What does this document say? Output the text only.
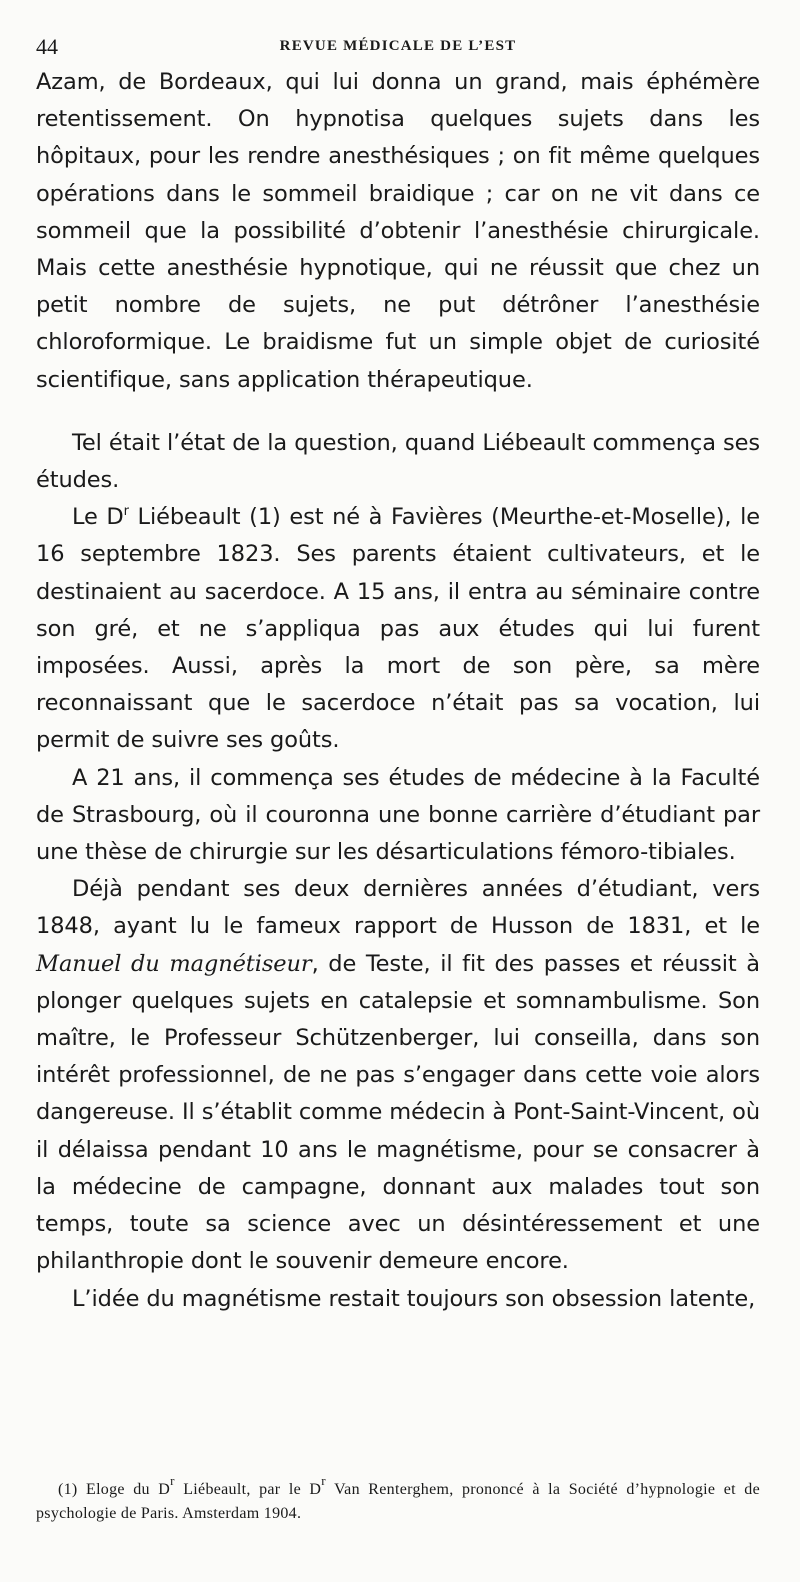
44	REVUE MÉDICALE DE L’EST

Azam, de Bordeaux, qui lui donna un grand, mais éphémère retentissement. On hypnotisa quelques sujets dans les hôpitaux, pour les rendre anesthésiques ; on fit même quelques opérations dans le sommeil braidique ; car on ne vit dans ce sommeil que la possibilité d’obtenir l’anesthésie chirurgicale. Mais cette anesthésie hypnotique, qui ne réussit que chez un petit nombre de sujets, ne put détrôner l’anesthésie chloroformique. Le braidisme fut un simple objet de curiosité scientifique, sans application thérapeutique.

Tel était l’état de la question, quand Liébeault commença ses études.

Le $D^r$ Liébeault (1) est né à Favières (Meurthe-et-Moselle), le 16 septembre 1823. Ses parents étaient cultivateurs, et le destinaient au sacerdoce. A 15 ans, il entra au séminaire contre son gré, et ne s’appliqua pas aux études qui lui furent imposées. Aussi, après la mort de son père, sa mère reconnaissant que le sacerdoce n’était pas sa vocation, lui permit de suivre ses goûts.

A 21 ans, il commença ses études de médecine à la Faculté de Strasbourg, où il couronna une bonne carrière d’étudiant par une thèse de chirurgie sur les désarticulations fémoro-tibiales.

Déjà pendant ses deux dernières années d’étudiant, vers 1848, ayant lu le fameux rapport de Husson de 1831, et le Manuel du magnétiseur, de Teste, il fit des passes et réussit à plonger quelques sujets en catalepsie et somnambulisme. Son maître, le Professeur Schützenberger, lui conseilla, dans son intérêt professionnel, de ne pas s’engager dans cette voie alors dangereuse. Il s’établit comme médecin à Pont-Saint-Vincent, où il délaissa pendant 10 ans le magnétisme, pour se consacrer à la médecine de campagne, donnant aux malades tout son temps, toute sa science avec un désintéressement et une philanthropie dont le souvenir demeure encore.

L’idée du magnétisme restait toujours son obsession latente,

(1) Eloge du $D^r$ Liébeault, par le $D^r$ Van Renterghem, prononcé à la Société d’hypnologie et de psychologie de Paris. Amsterdam 1904.
